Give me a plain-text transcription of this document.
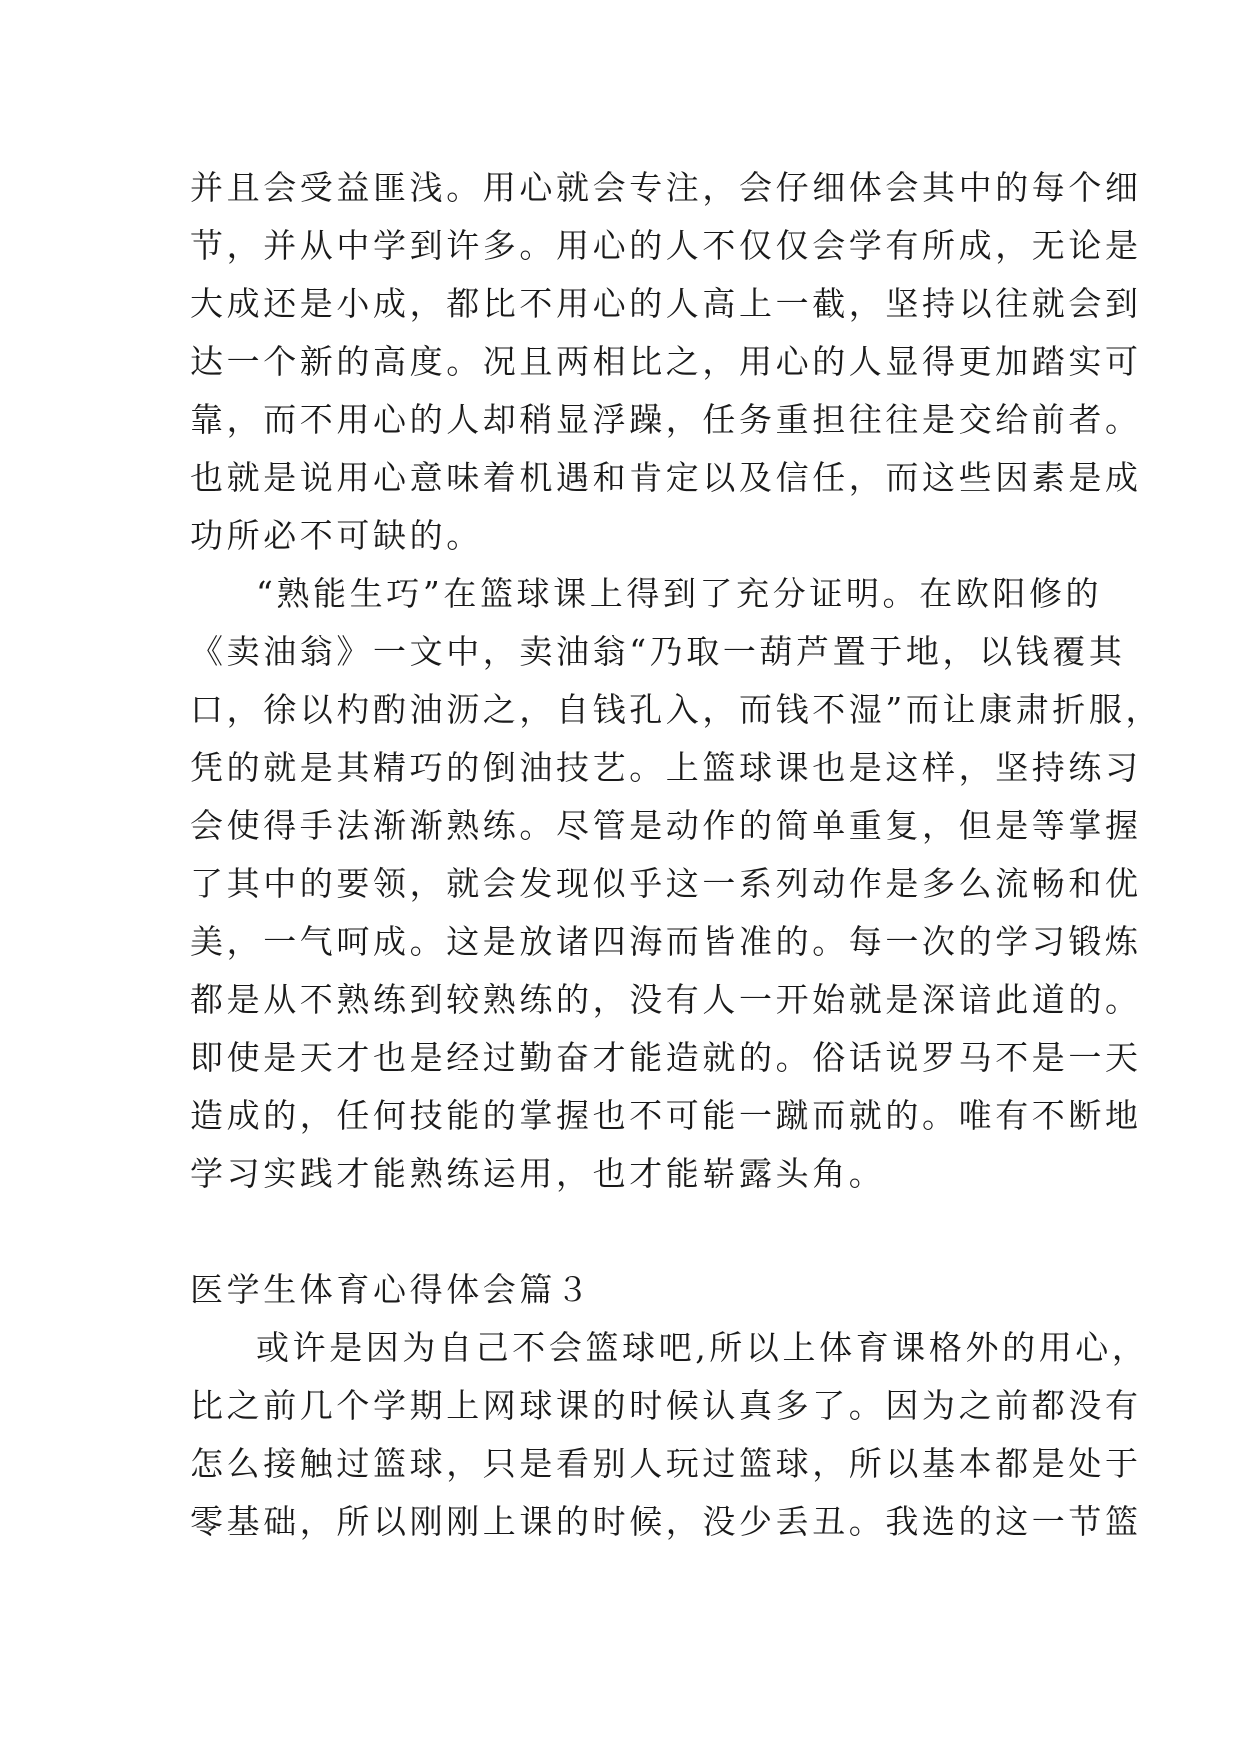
并且会受益匪浅。用心就会专注，会仔细体会其中的每个细
节，并从中学到许多。用心的人不仅仅会学有所成，无论是
大成还是小成，都比不用心的人高上一截，坚持以往就会到
达一个新的高度。况且两相比之，用心的人显得更加踏实可
靠，而不用心的人却稍显浮躁，任务重担往往是交给前者。
也就是说用心意味着机遇和肯定以及信任，而这些因素是成
功所必不可缺的。
“熟能生巧”在篮球课上得到了充分证明。在欧阳修的
《卖油翁》一文中，卖油翁“乃取一葫芦置于地，以钱覆其
口，徐以杓酌油沥之，自钱孔入，而钱不湿”而让康肃折服，
凭的就是其精巧的倒油技艺。上篮球课也是这样，坚持练习
会使得手法渐渐熟练。尽管是动作的简单重复，但是等掌握
了其中的要领，就会发现似乎这一系列动作是多么流畅和优
美，一气呵成。这是放诸四海而皆准的。每一次的学习锻炼
都是从不熟练到较熟练的，没有人一开始就是深谙此道的。
即使是天才也是经过勤奋才能造就的。俗话说罗马不是一天
造成的，任何技能的掌握也不可能一蹴而就的。唯有不断地
学习实践才能熟练运用，也才能崭露头角。
医学生体育心得体会篇３
或许是因为自己不会篮球吧,所以上体育课格外的用心，
比之前几个学期上网球课的时候认真多了。因为之前都没有
怎么接触过篮球，只是看别人玩过篮球，所以基本都是处于
零基础，所以刚刚上课的时候，没少丢丑。我选的这一节篮
